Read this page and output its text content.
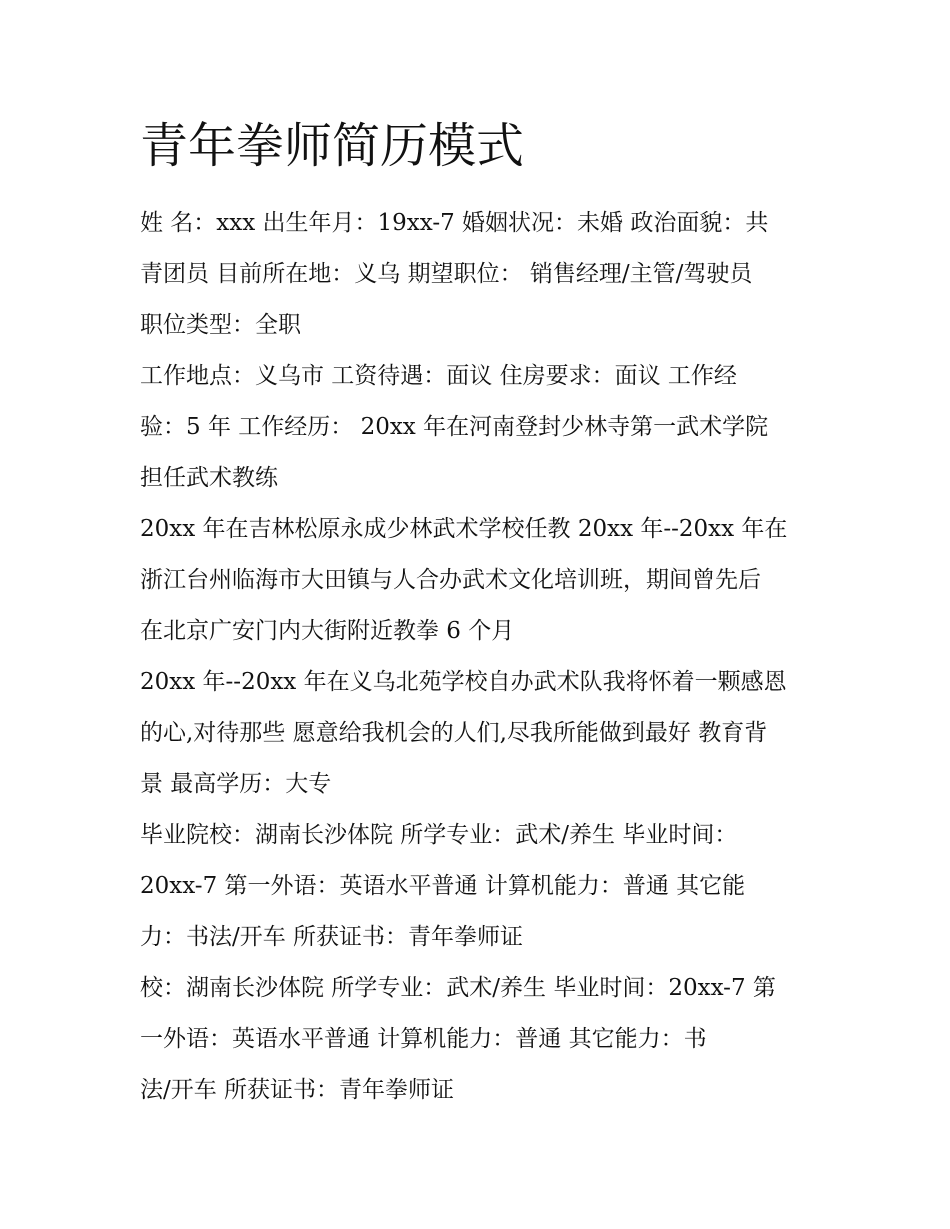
青年拳师简历模式
姓 名：xxx 出生年月：19xx-7 婚姻状况：未婚 政治面貌：共
青团员 目前所在地：义乌 期望职位： 销售经理/主管/驾驶员
职位类型：全职
工作地点：义乌市 工资待遇：面议 住房要求：面议 工作经
验：5 年 工作经历： 20xx 年在河南登封少林寺第一武术学院
担任武术教练
20xx 年在吉林松原永成少林武术学校任教 20xx 年--20xx 年在
浙江台州临海市大田镇与人合办武术文化培训班，期间曾先后
在北京广安门内大街附近教拳 6 个月
20xx 年--20xx 年在义乌北苑学校自办武术队我将怀着一颗感恩
的心,对待那些 愿意给我机会的人们,尽我所能做到最好 教育背
景 最高学历：大专
毕业院校：湖南长沙体院 所学专业：武术/养生 毕业时间：
20xx-7 第一外语：英语水平普通 计算机能力：普通 其它能
力：书法/开车 所获证书：青年拳师证
校：湖南长沙体院 所学专业：武术/养生 毕业时间：20xx-7 第
一外语：英语水平普通 计算机能力：普通 其它能力：书
法/开车 所获证书：青年拳师证
